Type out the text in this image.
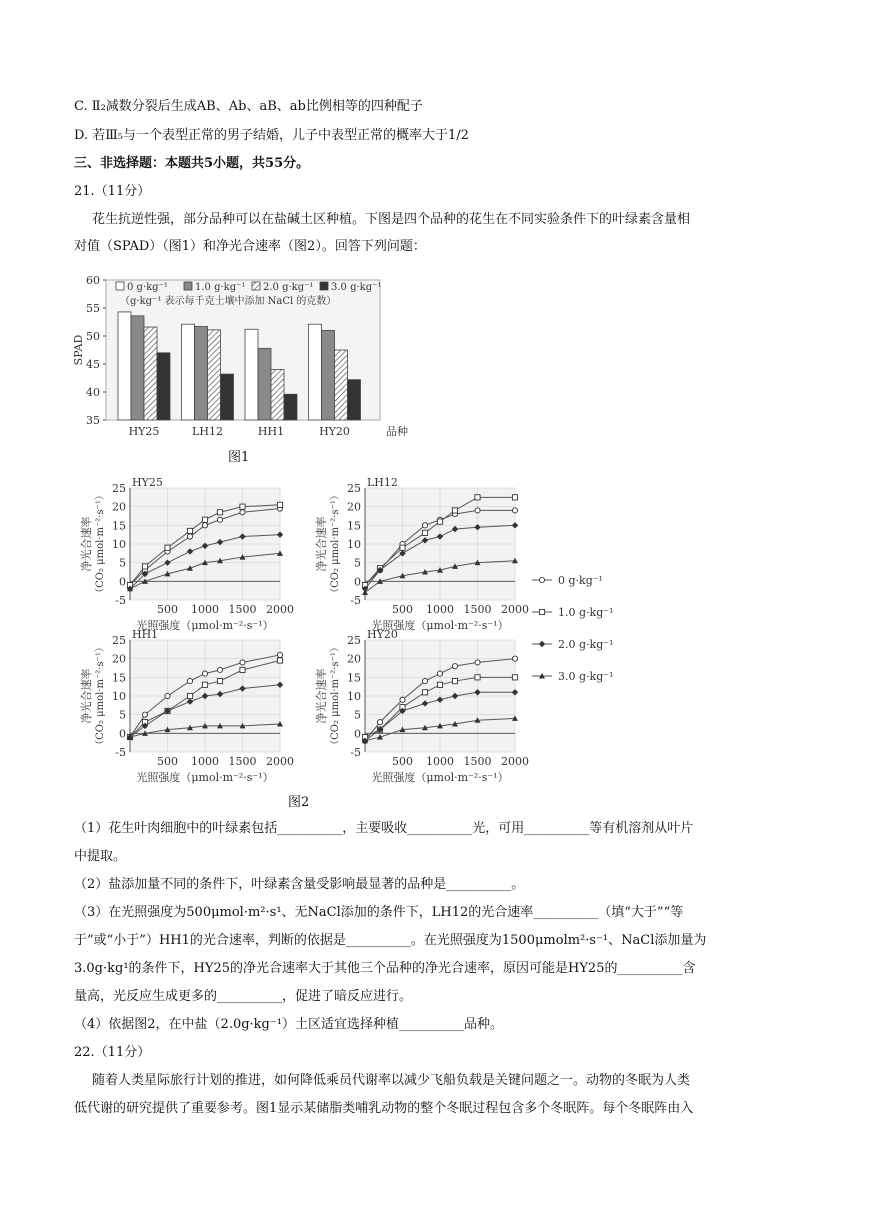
C. Ⅱ₂减数分裂后生成AB、Ab、aB、ab比例相等的四种配子
D. 若Ⅲ₅与一个表型正常的男子结婚，儿子中表型正常的概率大于1/2
三、非选择题：本题共5小题，共55分。
21.（11分）
花生抗逆性强，部分品种可以在盐碱土区种植。下图是四个品种的花生在不同实验条件下的叶绿素含量相
对值（SPAD）（图1）和净光合速率（图2）。回答下列问题：
35
40
45
50
55
60
SPAD
HY25	LH12	HH1	HY20	品种
0 g·kg⁻¹	1.0 g·kg⁻¹ 2.0 g·kg⁻¹ 3.0 g·kg⁻¹
（g·kg⁻¹ 表示每千克土壤中添加 NaCl 的克数）
图1
-5
0
5
10
15
20
25
500 1000 1500 2000
HY25
光照强度（μmol·m⁻²·s⁻¹）
净光合速率 （CO₂ μmol·m⁻²·s⁻¹）
-5
0
5
10
15
20
25
500 1000 1500 2000
LH12
光照强度（μmol·m⁻²·s⁻¹）
净光合速率 （CO₂ μmol·m⁻²·s⁻¹）
-5
0
5
10
15
20
25
500 1000 1500 2000
HH1
光照强度（μmol·m⁻²·s⁻¹）
净光合速率 （CO₂ μmol·m⁻²·s⁻¹）
-5
0
5
10
15
20
25
500 1000 1500 2000
HY20
光照强度（μmol·m⁻²·s⁻¹）
净光合速率 （CO₂ μmol·m⁻²·s⁻¹）
0 g·kg⁻¹
1.0 g·kg⁻¹
2.0 g·kg⁻¹
3.0 g·kg⁻¹
图2
（1）花生叶肉细胞中的叶绿素包括__________，主要吸收__________光，可用__________等有机溶剂从叶片
中提取。
（2）盐添加量不同的条件下，叶绿素含量受影响最显著的品种是__________。
（3）在光照强度为500μmol·m²·s¹、无NaCl添加的条件下，LH12的光合速率__________（填“大于”“等
于”或“小于”）HH1的光合速率，判断的依据是__________。在光照强度为1500μmolm²·s⁻¹、NaCl添加量为
3.0g·kg¹的条件下，HY25的净光合速率大于其他三个品种的净光合速率，原因可能是HY25的__________含
量高，光反应生成更多的__________，促进了暗反应进行。
（4）依据图2，在中盐（2.0g·kg⁻¹）土区适宜选择种植__________品种。
22.（11分）
随着人类星际旅行计划的推进，如何降低乘员代谢率以减少飞船负载是关键问题之一。动物的冬眠为人类
低代谢的研究提供了重要参考。图1显示某储脂类哺乳动物的整个冬眠过程包含多个冬眠阵。每个冬眠阵由入
